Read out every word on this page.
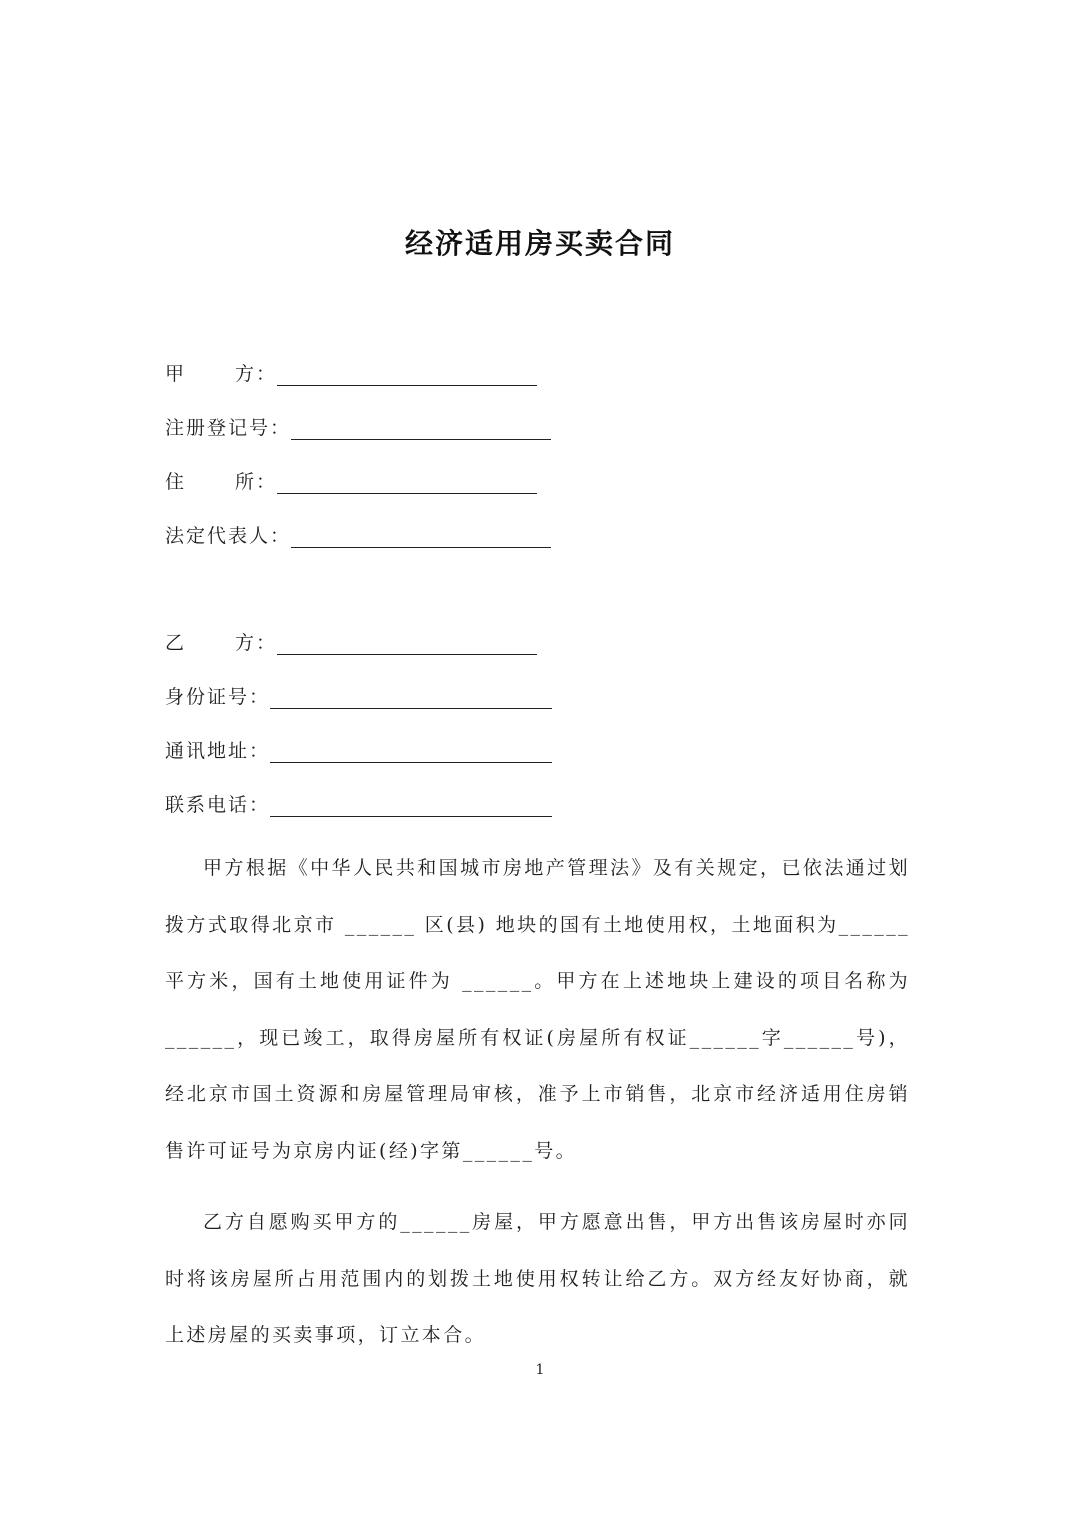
经济适用房买卖合同
甲	方：
注册登记号：
住	所：
法定代表人：
乙	方：
身份证号：
通讯地址：
联系电话：

甲方根据《中华人民共和国城市房地产管理法》及有关规定，已依法通过划拨方式取得北京市 ______ 区(县) 地块的国有土地使用权，土地面积为______平方米，国有土地使用证件为 ______。甲方在上述地块上建设的项目名称为 ______，现已竣工，取得房屋所有权证(房屋所有权证______字______号)，经北京市国土资源和房屋管理局审核，准予上市销售，北京市经济适用住房销售许可证号为京房内证(经)字第______号。

乙方自愿购买甲方的______房屋，甲方愿意出售，甲方出售该房屋时亦同时将该房屋所占用范围内的划拨土地使用权转让给乙方。双方经友好协商，就上述房屋的买卖事项，订立本合。

1
